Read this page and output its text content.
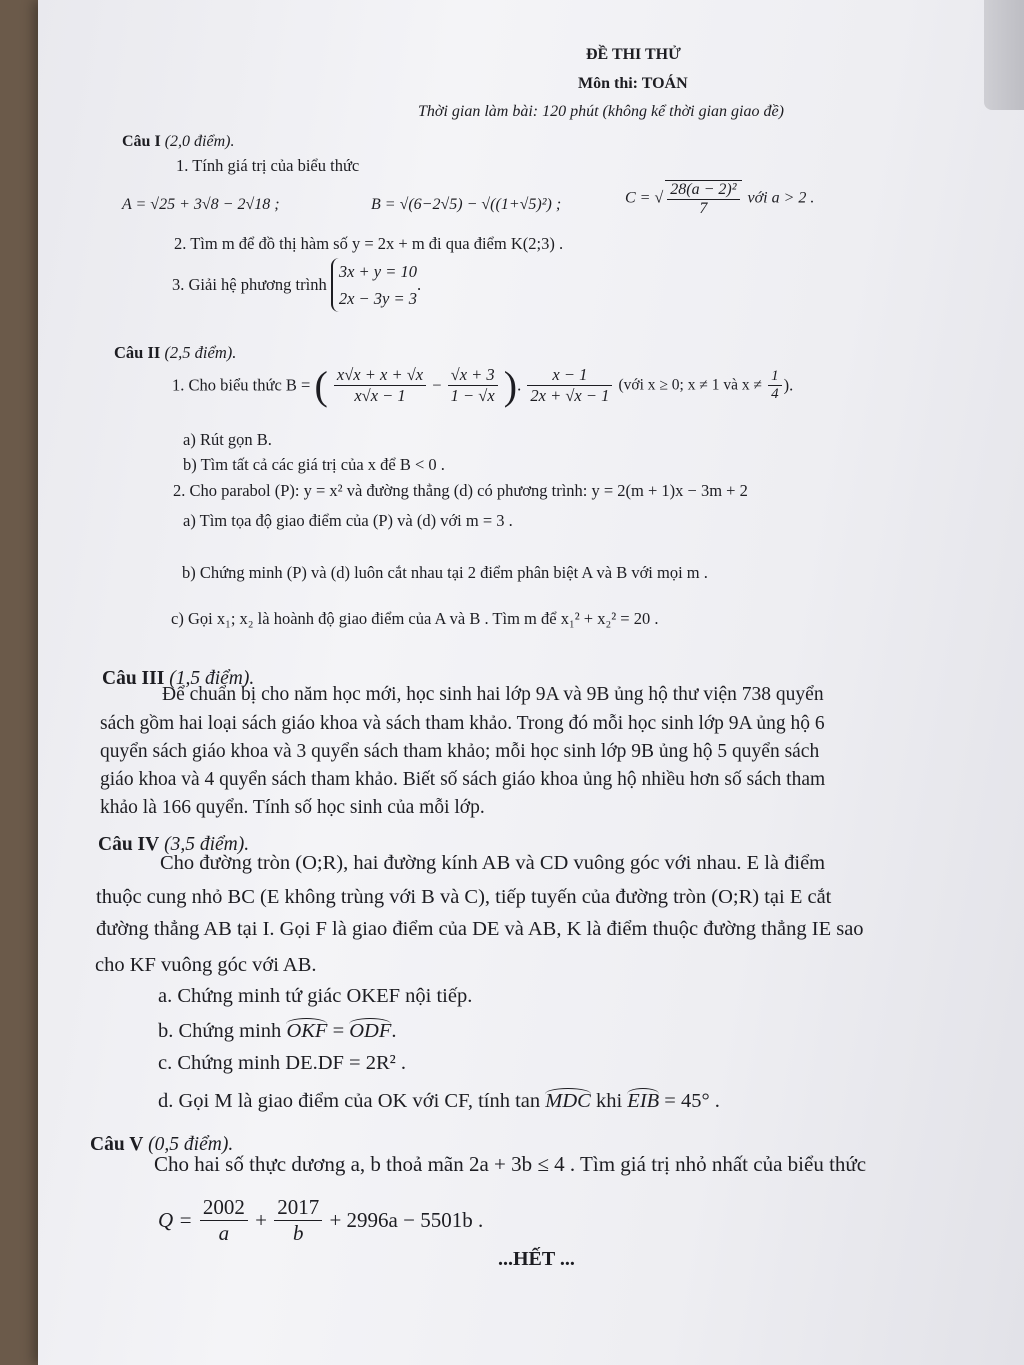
ĐỀ THI THỬ
Môn thi: TOÁN
Thời gian làm bài: 120 phút (không kể thời gian giao đề)
Câu I (2,0 điểm).
1. Tính giá trị của biểu thức
A = √25 + 3√8 − 2√18 ;	B = √(6−2√5) − √((1+√5)²) ;	C = √ $\frac{\text{28(a − 2)²}}{7}$ với a > 2 .
2. Tìm m để đồ thị hàm số y = 2x + m đi qua điểm K(2;3) .
3. Giải hệ phương trình
3x + y = 10
2x − 3y = 3
.
Câu II (2,5 điểm).
1. Cho biểu thức B = ( $\frac{x√x + x + √x}{x√x - 1} - \frac{√x + 3}{1 - √x}$ ). $\frac{x - 1}{2x + √x - 1}$ (với x ≥ 0; x ≠ 1 và $x \ne \frac{1}{4}$ ).
a) Rút gọn B.
b) Tìm tất cả các giá trị của x để B < 0 .
2. Cho parabol (P): y = x² và đường thẳng (d) có phương trình: y = 2(m + 1)x − 3m + 2
a) Tìm tọa độ giao điểm của (P) và (d) với m = 3 .
b) Chứng minh (P) và (d) luôn cắt nhau tại 2 điểm phân biệt A và B với mọi m .
c) Gọi x₁; x₂ là hoành độ giao điểm của A và B . Tìm m để x₁² + x₂² = 20 .
Câu III (1,5 điểm).
Để chuẩn bị cho năm học mới, học sinh hai lớp 9A và 9B ủng hộ thư viện 738 quyển
sách gồm hai loại sách giáo khoa và sách tham khảo. Trong đó mỗi học sinh lớp 9A ủng hộ 6
quyển sách giáo khoa và 3 quyển sách tham khảo; mỗi học sinh lớp 9B ủng hộ 5 quyển sách
giáo khoa và 4 quyển sách tham khảo. Biết số sách giáo khoa ủng hộ nhiều hơn số sách tham
khảo là 166 quyển. Tính số học sinh của mỗi lớp.
Câu IV (3,5 điểm).
Cho đường tròn (O;R), hai đường kính AB và CD vuông góc với nhau. E là điểm
thuộc cung nhỏ BC (E không trùng với B và C), tiếp tuyến của đường tròn (O;R) tại E cắt
đường thẳng AB tại I. Gọi F là giao điểm của DE và AB, K là điểm thuộc đường thẳng IE sao
cho KF vuông góc với AB.
a. Chứng minh tứ giác OKEF nội tiếp.
b. Chứng minh OKF = ODF.
c. Chứng minh DE.DF = 2R² .
d. Gọi M là giao điểm của OK với CF, tính tan MDC khi EIB = 45° .
Câu V (0,5 điểm).
Cho hai số thực dương a, b thoả mãn 2a + 3b ≤ 4 . Tìm giá trị nhỏ nhất của biểu thức
$Q = \frac{2002}{a} + \frac{2017}{b} + 2996a - 5501b$ .
...HẾT ...
